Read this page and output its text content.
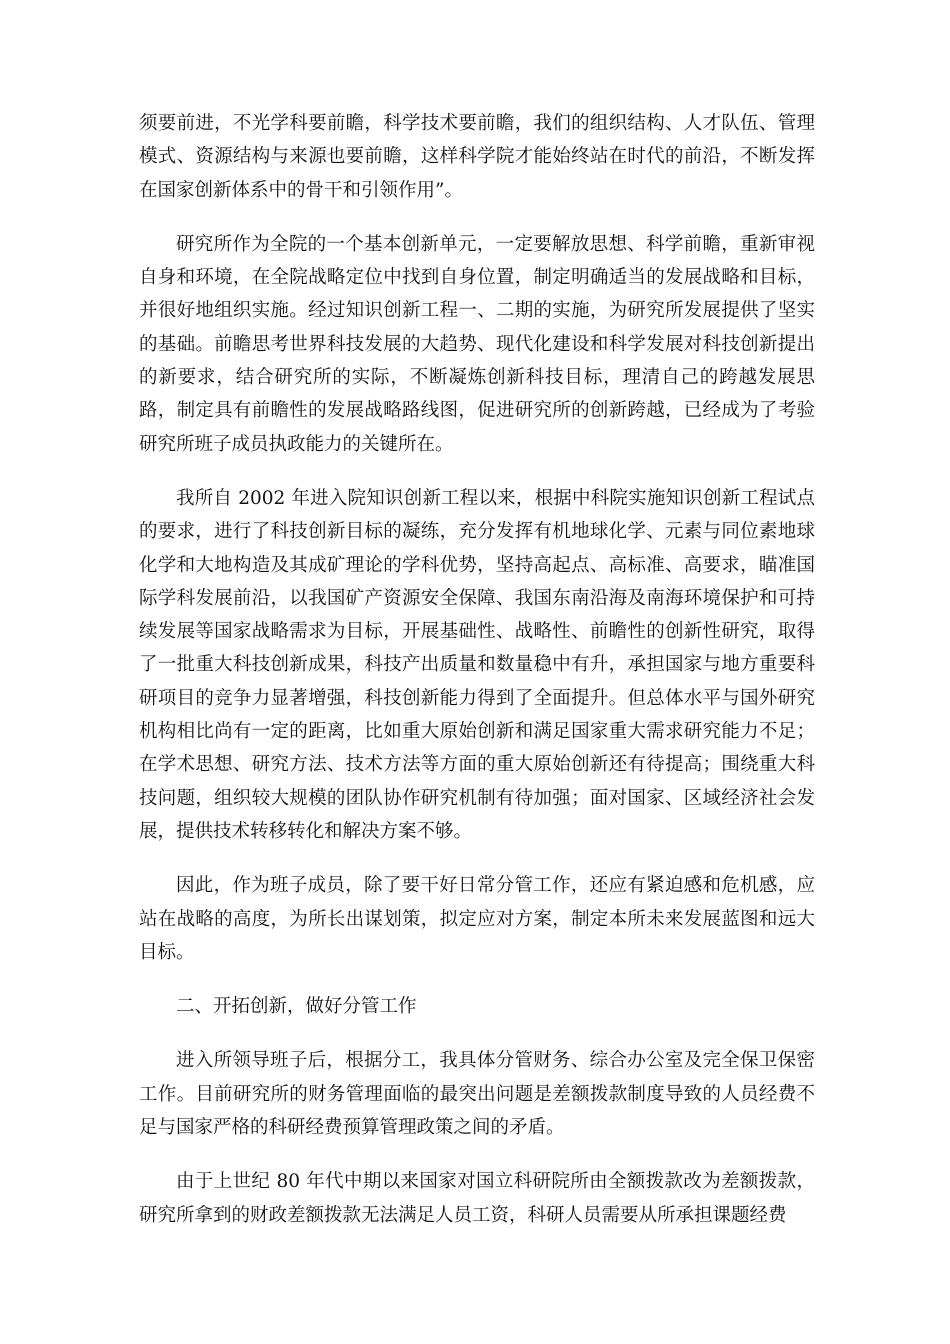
须要前进，不光学科要前瞻，科学技术要前瞻，我们的组织结构、人才队伍、管理模式、资源结构与来源也要前瞻，这样科学院才能始终站在时代的前沿，不断发挥在国家创新体系中的骨干和引领作用”。

研究所作为全院的一个基本创新单元，一定要解放思想、科学前瞻，重新审视自身和环境，在全院战略定位中找到自身位置，制定明确适当的发展战略和目标，并很好地组织实施。经过知识创新工程一、二期的实施，为研究所发展提供了坚实的基础。前瞻思考世界科技发展的大趋势、现代化建设和科学发展对科技创新提出的新要求，结合研究所的实际，不断凝炼创新科技目标，理清自己的跨越发展思路，制定具有前瞻性的发展战略路线图，促进研究所的创新跨越，已经成为了考验研究所班子成员执政能力的关键所在。

我所自 2002 年进入院知识创新工程以来，根据中科院实施知识创新工程试点的要求，进行了科技创新目标的凝练，充分发挥有机地球化学、元素与同位素地球化学和大地构造及其成矿理论的学科优势，坚持高起点、高标准、高要求，瞄准国际学科发展前沿，以我国矿产资源安全保障、我国东南沿海及南海环境保护和可持续发展等国家战略需求为目标，开展基础性、战略性、前瞻性的创新性研究，取得了一批重大科技创新成果，科技产出质量和数量稳中有升，承担国家与地方重要科研项目的竞争力显著增强，科技创新能力得到了全面提升。但总体水平与国外研究机构相比尚有一定的距离，比如重大原始创新和满足国家重大需求研究能力不足；在学术思想、研究方法、技术方法等方面的重大原始创新还有待提高；围绕重大科技问题，组织较大规模的团队协作研究机制有待加强；面对国家、区域经济社会发展，提供技术转移转化和解决方案不够。

因此，作为班子成员，除了要干好日常分管工作，还应有紧迫感和危机感，应站在战略的高度，为所长出谋划策，拟定应对方案，制定本所未来发展蓝图和远大目标。

二、开拓创新，做好分管工作

进入所领导班子后，根据分工，我具体分管财务、综合办公室及完全保卫保密工作。目前研究所的财务管理面临的最突出问题是差额拨款制度导致的人员经费不足与国家严格的科研经费预算管理政策之间的矛盾。

由于上世纪 80 年代中期以来国家对国立科研院所由全额拨款改为差额拨款，研究所拿到的财政差额拨款无法满足人员工资，科研人员需要从所承担课题经费
